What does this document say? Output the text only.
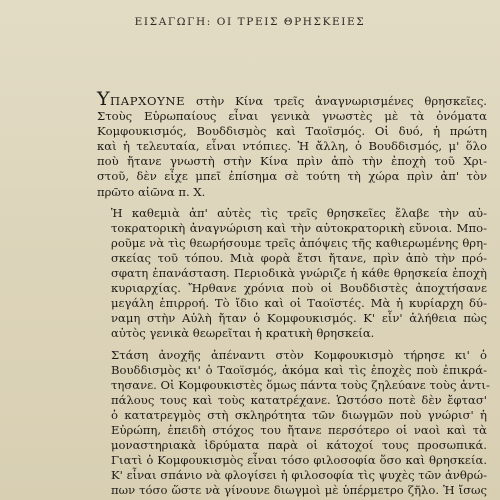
ΕΙΣΑΓΩΓΗ: ΟΙ ΤΡΕΙΣ ΘΡΗΣΚΕΙΕΣ

ΥΠΑΡΧΟΥΝΕ στὴν Κίνα τρεῖς ἀναγνωρισμένες θρησκεῖες.
Στοὺς Εὐρωπαίους εἶναι γενικὰ γνωστὲς μὲ τὰ ὀνόματα
Κομφουκισμός, Βουδδισμὸς καὶ Ταοϊσμός. Οἱ δυό, ἡ πρώτη
καὶ ἡ τελευταία, εἶναι ντόπιες. Ἡ ἄλλη, ὁ Βουδδισμός, μ' ὅλο
ποὺ ἤτανε γνωστὴ στὴν Κίνα πρὶν ἀπὸ τὴν ἐποχὴ τοῦ Χρι-
στοῦ, δὲν εἶχε μπεῖ ἐπίσημα σὲ τούτη τὴ χώρα πρὶν ἀπ' τὸν
πρῶτο αἰῶνα π. Χ.

Ἡ καθεμιὰ ἀπ' αὐτὲς τὶς τρεῖς θρησκεῖες ἔλαβε τὴν αὐ-
τοκρατορικὴ ἀναγνώριση καὶ τὴν αὐτοκρατορικὴ εὔνοια. Μπο-
ροῦμε νὰ τὶς θεωρήσουμε τρεῖς ἀπόψεις τῆς καθιερωμένης θρη-
σκείας τοῦ τόπου. Μιὰ φορὰ ἔτσι ἤτανε, πρὶν ἀπὸ τὴν πρό-
σφατη ἐπανάσταση. Περιοδικὰ γνώριζε ἡ κάθε θρησκεία ἐποχὴ
κυριαρχίας. Ἤρθανε χρόνια ποὺ οἱ Βουδδιστὲς ἀποχτήσανε
μεγάλη ἐπιρροή. Τὸ ἴδιο καὶ οἱ Ταοϊστές. Μὰ ἡ κυρίαρχη δύ-
ναμη στὴν Αὐλὴ ἤταν ὁ Κομφουκισμός. Κ' εἶν' ἀλήθεια πὼς
αὐτὸς γενικὰ θεωρεῖται ἡ κρατικὴ θρησκεία.

Στάση ἀνοχῆς ἀπέναντι στὸν Κομφουκισμὸ τήρησε κι' ὁ
Βουδδισμὸς κι' ὁ Ταοϊσμός, ἀκόμα καὶ τὶς ἐποχὲς ποὺ ἐπικρά-
τησανε. Οἱ Κομφουκιστὲς ὅμως πάντα τοὺς ζηλεύανε τοὺς ἀντι-
πάλους τους καὶ τοὺς κατατρέχανε. Ὡστόσο ποτὲ δὲν ἔφτασ'
ὁ κατατρεγμὸς στὴ σκληρότητα τῶν διωγμῶν ποὺ γνώρισ' ἡ
Εὐρώπη, ἐπειδὴ στόχος του ἤτανε περσότερο οἱ ναοὶ καὶ τὰ
μοναστηριακὰ ἱδρύματα παρὰ οἱ κάτοχοί τους προσωπικά.
Γιατὶ ὁ Κομφουκισμὸς εἶναι τόσο φιλοσοφία ὅσο καὶ θρησκεία.
Κ' εἶναι σπάνιο νὰ φλογίσει ἡ φιλοσοφία τὶς ψυχὲς τῶν ἀνθρώ-
πων τόσο ὥστε νὰ γίνουνε διωγμοὶ μὲ ὑπέρμετρο ζῆλο. Ἡ ἴσως
